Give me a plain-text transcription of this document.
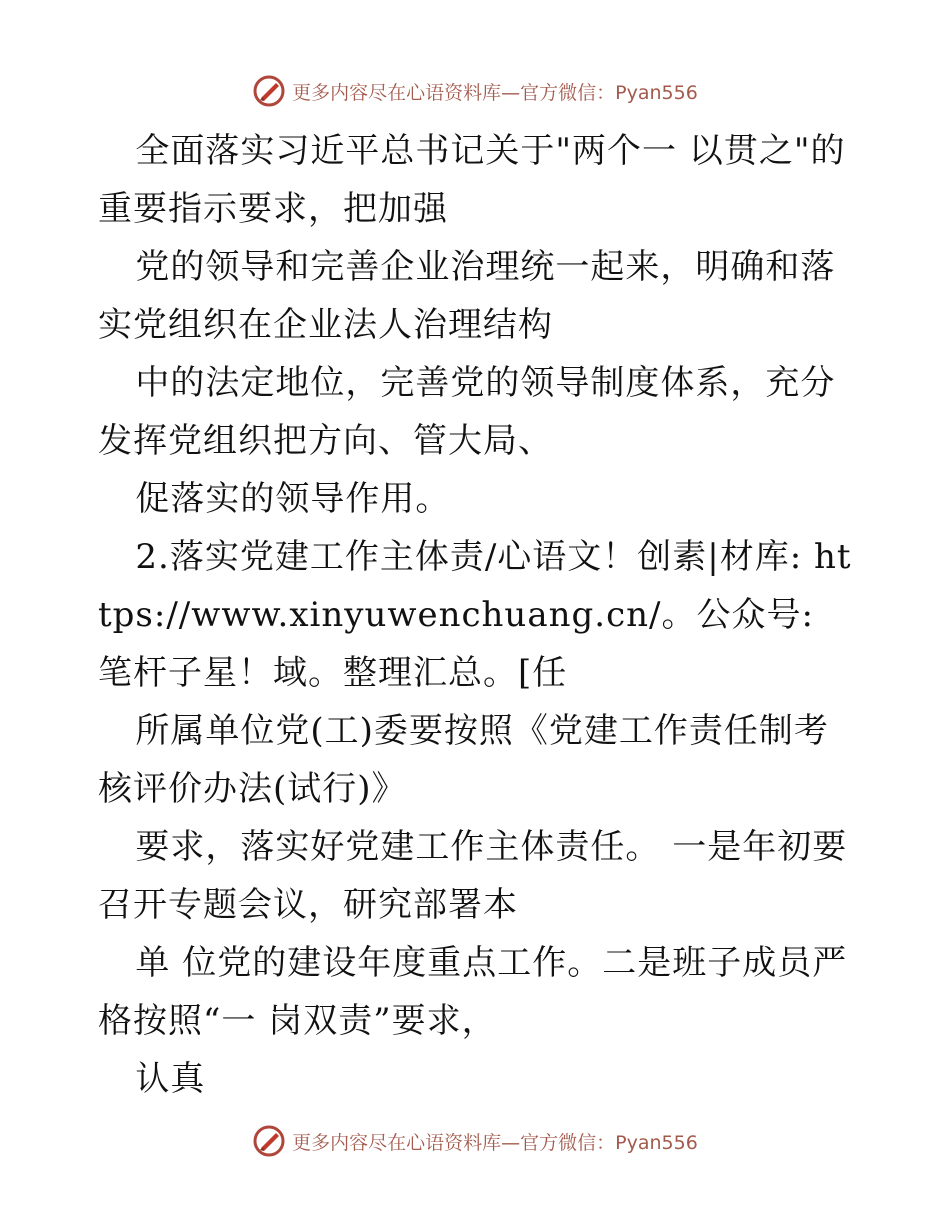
更多内容尽在心语资料库—官方微信：Pyan556

全面落实习近平总书记关于"两个一 以贯之"的重要指示要求，把加强

党的领导和完善企业治理统一起来，明确和落实党组织在企业法人治理结构

中的法定地位，完善党的领导制度体系，充分发挥党组织把方向、管大局、

促落实的领导作用。

2.落实党建工作主体责/心语文！创素|材库: https://www.xinyuwenchuang.cn/。公众号: 笔杆子星！域。整理汇总。[任

所属单位党(工)委要按照《党建工作责任制考核评价办法(试行)》

要求，落实好党建工作主体责任。 一是年初要召开专题会议，研究部署本

单 位党的建设年度重点工作。二是班子成员严格按照“一 岗双责”要求，

认真

更多内容尽在心语资料库—官方微信：Pyan556
